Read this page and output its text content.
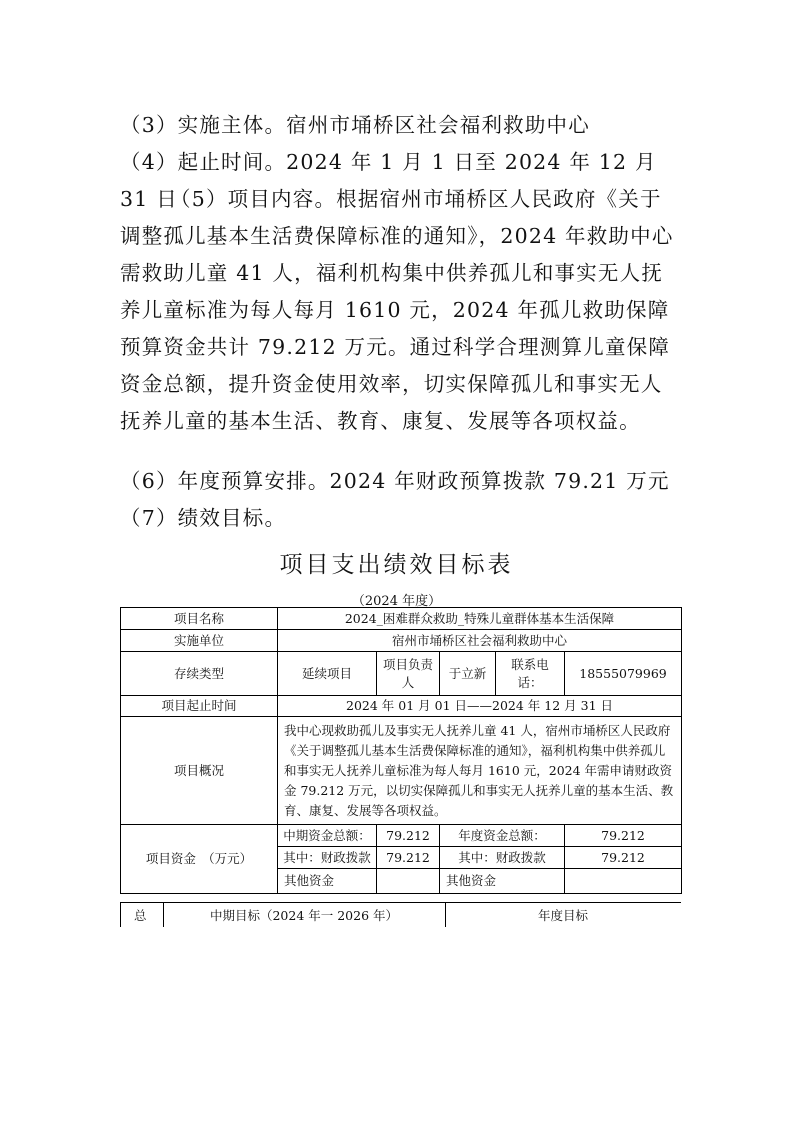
（3）实施主体。宿州市埇桥区社会福利救助中心

（4）起止时间。2024 年 1 月 1 日至 2024 年 12 月 31 日

（5）项目内容。根据宿州市埇桥区人民政府《关于调整孤儿基本生活费保障标准的通知》，2024 年救助中心需救助儿童 41 人，福利机构集中供养孤儿和事实无人抚养儿童标准为每人每月 1610 元，2024 年孤儿救助保障预算资金共计 79.212 万元。通过科学合理测算儿童保障资金总额，提升资金使用效率，切实保障孤儿和事实无人抚养儿童的基本生活、教育、康复、发展等各项权益。

（6）年度预算安排。2024 年财政预算拨款 79.21 万元

（7）绩效目标。

项目支出绩效目标表
（2024 年度）
项目名称	2024_困难群众救助_特殊儿童群体基本生活保障				
实施单位	宿州市埇桥区社会福利救助中心				
存续类型	延续项目	项目负责人	于立新	联系电话：	18555079969
项目起止时间	2024 年 01 月 01 日——2024 年 12 月 31 日				
项目概况	我中心现救助孤儿及事实无人抚养儿童 41 人，宿州市埇桥区人民政府《关于调整孤儿基本生活费保障标准的通知》，福利机构集中供养孤儿和事实无人抚养儿童标准为每人每月 1610 元，2024 年需申请财政资金 79.212 万元，以切实保障孤儿和事实无人抚养儿童的基本生活、教育、康复、发展等各项权益。				
项目资金　（万元）	中期资金总额：	79.212	年度资金总额：		79.212
	其中：财政拨款	79.212	其中：财政拨款		79.212
	其他资金		其他资金		
总	中期目标（2024 年一 2026 年）	年度目标
